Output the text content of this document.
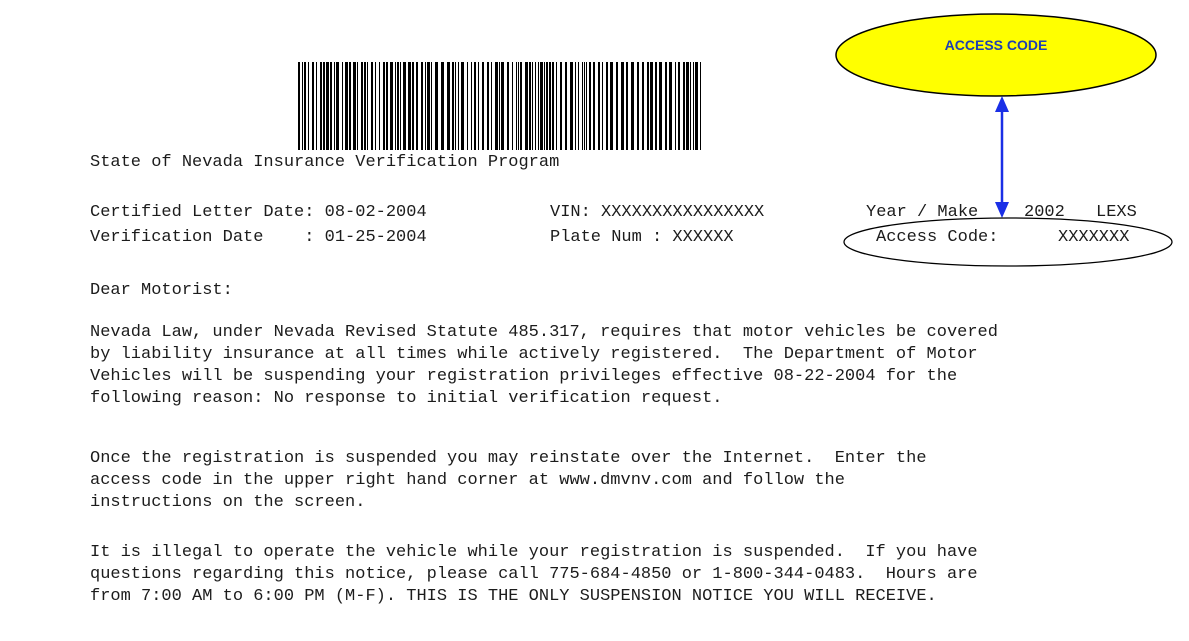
ACCESS CODE
State of Nevada Insurance Verification Program
Certified Letter Date: 08-02-2004
Verification Date    : 01-25-2004
VIN: XXXXXXXXXXXXXXXX
Plate Num : XXXXXX
Year / Make 2002 LEXS
Access Code:	XXXXXXX
Dear Motorist:
Nevada Law, under Nevada Revised Statute 485.317, requires that motor vehicles be covered
by liability insurance at all times while actively registered.  The Department of Motor
Vehicles will be suspending your registration privileges effective 08-22-2004 for the
following reason: No response to initial verification request.
Once the registration is suspended you may reinstate over the Internet.  Enter the
access code in the upper right hand corner at www.dmvnv.com and follow the
instructions on the screen.
It is illegal to operate the vehicle while your registration is suspended.  If you have
questions regarding this notice, please call 775-684-4850 or 1-800-344-0483.  Hours are
from 7:00 AM to 6:00 PM (M-F). THIS IS THE ONLY SUSPENSION NOTICE YOU WILL RECEIVE.
